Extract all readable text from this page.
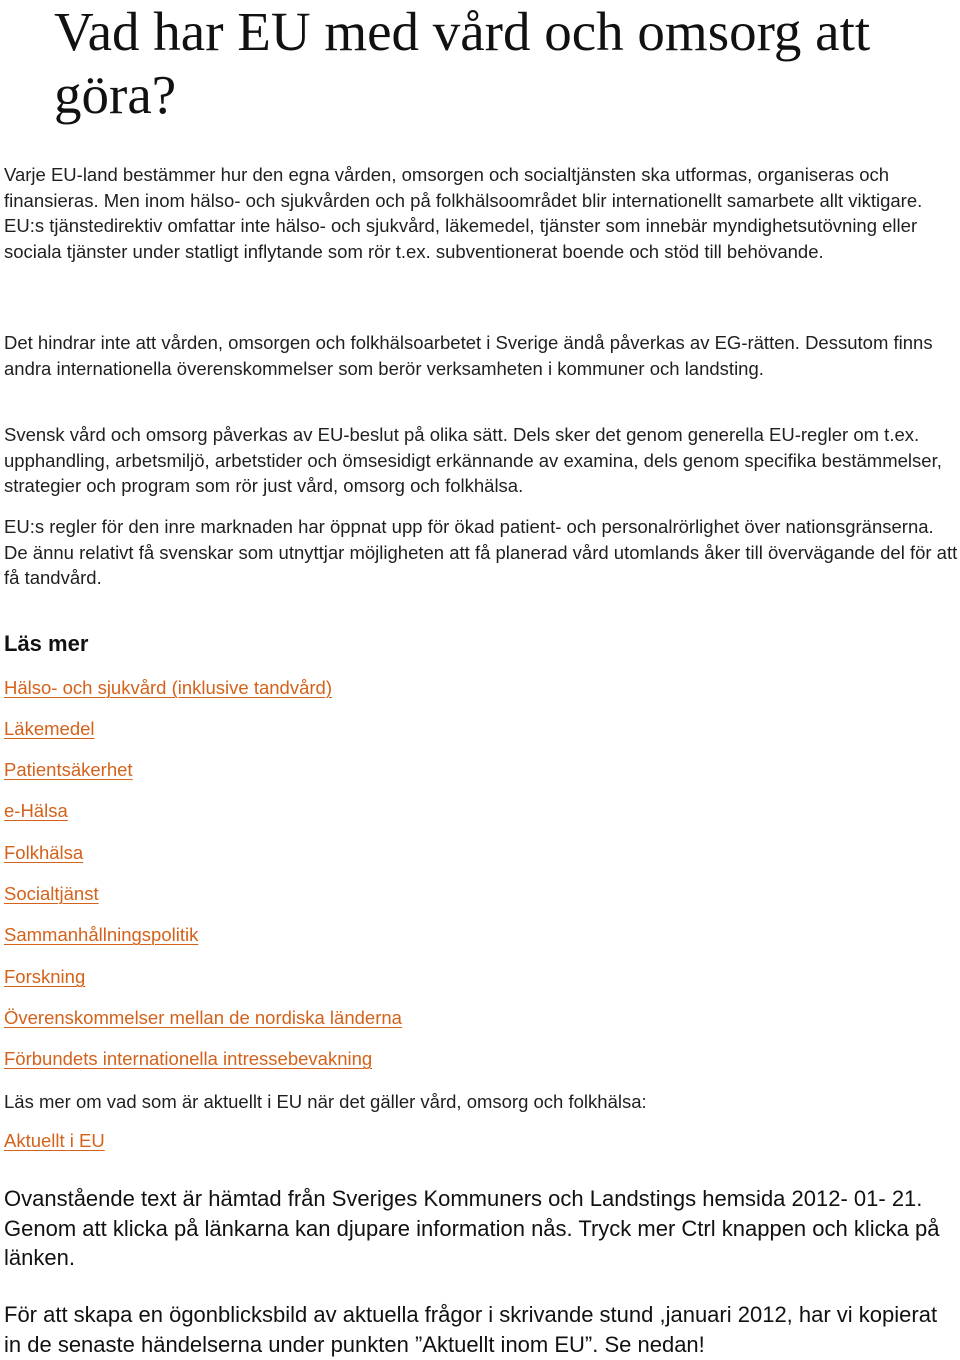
Vad har EU med vård och omsorg att göra?

Varje EU-land bestämmer hur den egna vården, omsorgen och socialtjänsten ska utformas, organiseras och finansieras. Men inom hälso- och sjukvården och på folkhälsoområdet blir internationellt samarbete allt viktigare. EU:s tjänstedirektiv omfattar inte hälso- och sjukvård, läkemedel, tjänster som innebär myndighetsutövning eller sociala tjänster under statligt inflytande som rör t.ex. subventionerat boende och stöd till behövande.

Det hindrar inte att vården, omsorgen och folkhälsoarbetet i Sverige ändå påverkas av EG-rätten. Dessutom finns andra internationella överenskommelser som berör verksamheten i kommuner och landsting.

Svensk vård och omsorg påverkas av EU-beslut på olika sätt. Dels sker det genom generella EU-regler om t.ex. upphandling, arbetsmiljö, arbetstider och ömsesidigt erkännande av examina, dels genom specifika bestämmelser, strategier och program som rör just vård, omsorg och folkhälsa.

EU:s regler för den inre marknaden har öppnat upp för ökad patient- och personalrörlighet över nationsgränserna. De ännu relativt få svenskar som utnyttjar möjligheten att få planerad vård utomlands åker till övervägande del för att få tandvård.

Läs mer
Hälso- och sjukvård (inklusive tandvård)
Läkemedel
Patientsäkerhet
e-Hälsa
Folkhälsa
Socialtjänst
Sammanhållningspolitik
Forskning
Överenskommelser mellan de nordiska länderna
Förbundets internationella intressebevakning

Läs mer om vad som är aktuellt i EU när det gäller vård, omsorg och folkhälsa:

Aktuellt i EU

Ovanstående text är hämtad från Sveriges Kommuners och Landstings hemsida 2012- 01- 21. Genom att klicka på länkarna kan djupare information nås. Tryck mer Ctrl knappen och klicka på länken.

För att skapa en ögonblicksbild av aktuella frågor i skrivande stund ,januari 2012, har vi kopierat in de senaste händelserna under punkten ”Aktuellt inom EU”. Se nedan!
